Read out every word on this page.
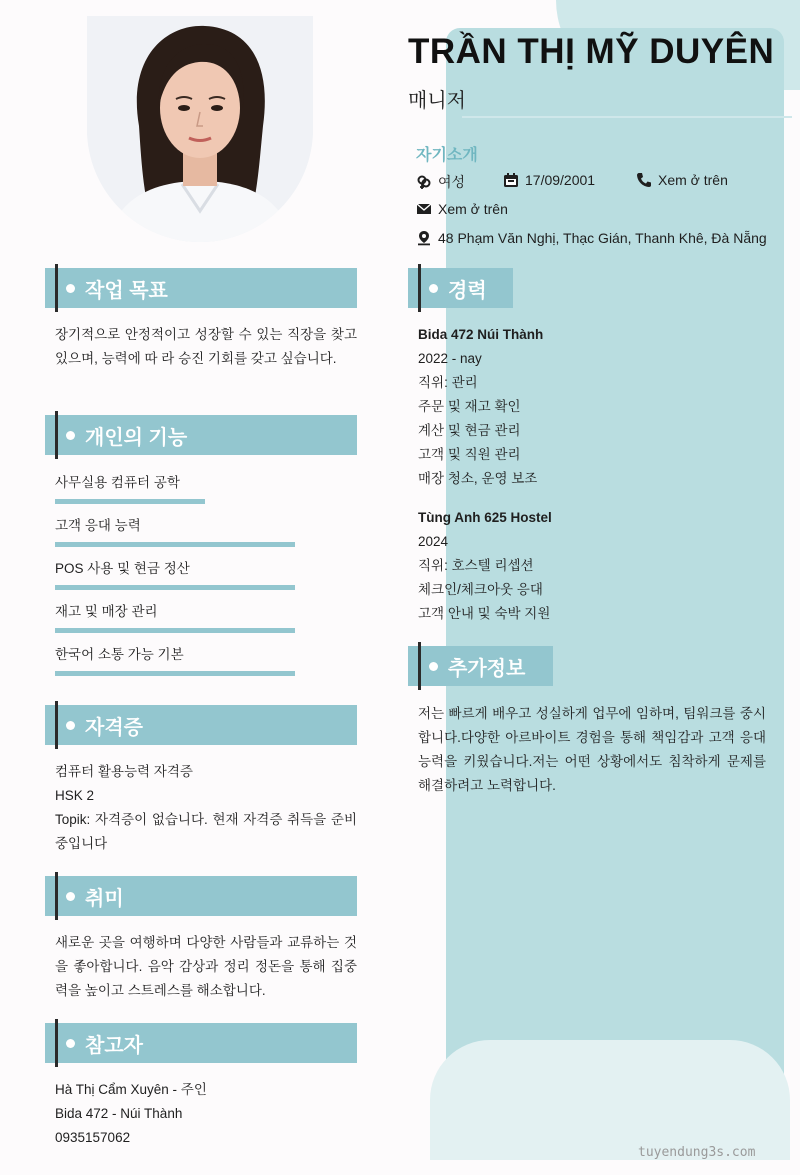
TRẦN THỊ MỸ DUYÊN
매니저
자기소개
여성	17/09/2001	Xem ở trên
Xem ở trên
48 Phạm Văn Nghị, Thạc Gián, Thanh Khê, Đà Nẵng
작업 목표
장기적으로 안정적이고 성장할 수 있는 직장을 찾고 있으며, 능력에 따 라 승진 기회를 갖고 싶습니다.
개인의 기능
사무실용 컴퓨터 공학
고객 응대 능력
POS 사용 및 현금 정산
재고 및 매장 관리
한국어 소통 가능 기본
자격증
컴퓨터 활용능력 자격증
HSK 2
Topik: 자격증이 없습니다. 현재 자격증 취득을 준비 중입니다
취미
새로운 곳을 여행하며 다양한 사람들과 교류하는 것을 좋아합니다. 음악 감상과 정리 정돈을 통해 집중력을 높이고 스트레스를 해소합니다.
참고자
Hà Thị Cẩm Xuyên - 주인
Bida 472 - Núi Thành
0935157062
경력
Bida 472 Núi Thành
2022 - nay
직위: 관리
주문 및 재고 확인
계산 및 현금 관리
고객 및 직원 관리
매장 청소, 운영 보조
Tùng Anh 625 Hostel
2024
직위: 호스텔 리셉션
체크인/체크아웃 응대
고객 안내 및 숙박 지원
추가정보
저는 빠르게 배우고 성실하게 업무에 임하며, 팀워크를 중시합니다.다양한 아르바이트 경험을 통해 책임감과 고객 응대 능력을 키웠습니다.저는 어떤 상황에서도 침착하게 문제를 해결하려고 노력합니다.
tuyendung3s.com
